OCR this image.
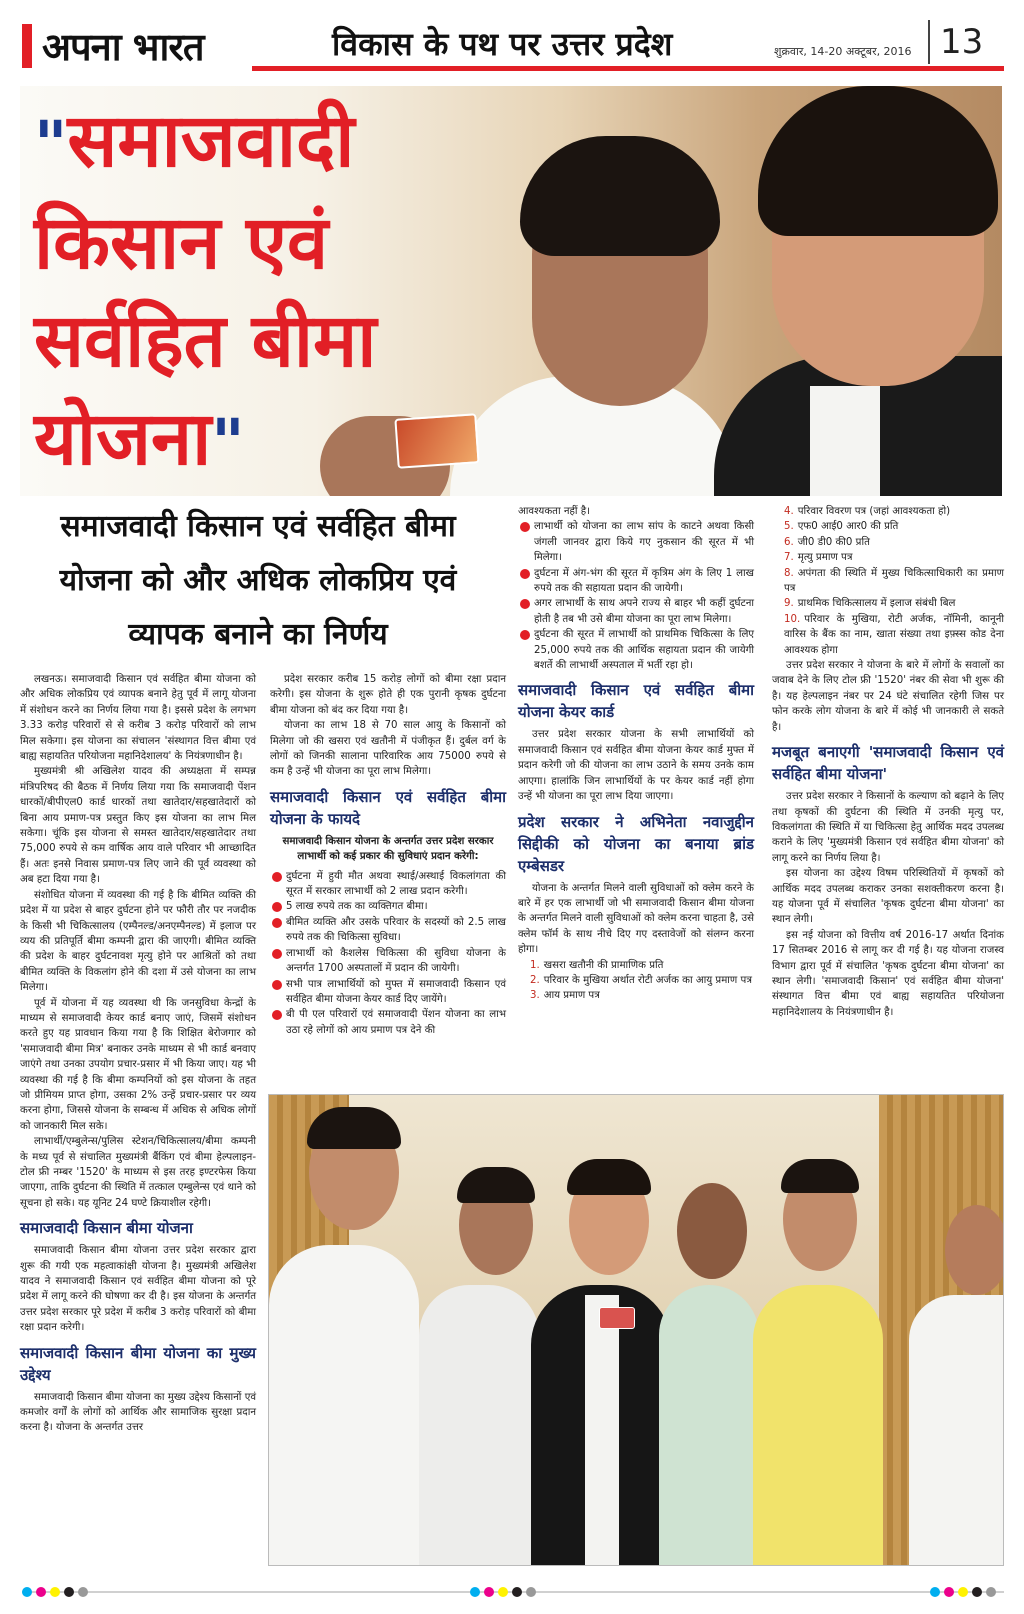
अपना भारत	विकास के पथ पर उत्तर प्रदेश	शुक्रवार, 14-20 अक्टूबर, 2016 13
"समाजवादी
किसान एवं
सर्वहित बीमा
योजना"
समाजवादी किसान एवं सर्वहित बीमा
योजना को और अधिक लोकप्रिय एवं
व्यापक बनाने का निर्णय

लखनऊ। समाजवादी किसान एवं सर्वहित बीमा योजना को और अधिक लोकप्रिय एवं व्यापक बनाने हेतु पूर्व में लागू योजना में संशोधन करने का निर्णय लिया गया है। इससे प्रदेश के लगभग 3.33 करोड़ परिवारों से से करीब 3 करोड़ परिवारों को लाभ मिल सकेगा। इस योजना का संचालन 'संस्थागत वित्त बीमा एवं बाह्य सहायतित परियोजना महानिदेशालय' के नियंत्रणाधीन है।

मुख्यमंत्री श्री अखिलेश यादव की अध्यक्षता में सम्पन्न मंत्रिपरिषद की बैठक में निर्णय लिया गया कि समाजवादी पेंशन धारकों/बीपीएल0 कार्ड धारकों तथा खातेदार/सहखातेदारों को बिना आय प्रमाण-पत्र प्रस्तुत किए इस योजना का लाभ मिल सकेगा। चूंकि इस योजना से समस्त खातेदार/सहखातेदार तथा 75,000 रुपये से कम वार्षिक आय वाले परिवार भी आच्छादित हैं। अतः इनसे निवास प्रमाण-पत्र लिए जाने की पूर्व व्यवस्था को अब हटा दिया गया है।

संशोधित योजना में व्यवस्था की गई है कि बीमित व्यक्ति की प्रदेश में या प्रदेश से बाहर दुर्घटना होने पर फौरी तौर पर नजदीक के किसी भी चिकित्सालय (एम्पैनल्ड/अनएम्पैनल्ड) में इलाज पर व्यय की प्रतिपूर्ति बीमा कम्पनी द्वारा की जाएगी। बीमित व्यक्ति की प्रदेश के बाहर दुर्घटनावश मृत्यु होने पर आश्रितों को तथा बीमित व्यक्ति के विकलांग होने की दशा में उसे योजना का लाभ मिलेगा।

पूर्व में योजना में यह व्यवस्था थी कि जनसुविधा केन्द्रों के माध्यम से समाजवादी केयर कार्ड बनाए जाएं, जिसमें संशोधन करते हुए यह प्रावधान किया गया है कि शिक्षित बेरोजगार को 'समाजवादी बीमा मित्र' बनाकर उनके माध्यम से भी कार्ड बनवाए जाएंगे तथा उनका उपयोग प्रचार-प्रसार में भी किया जाए। यह भी व्यवस्था की गई है कि बीमा कम्पनियों को इस योजना के तहत जो प्रीमियम प्राप्त होगा, उसका 2% उन्हें प्रचार-प्रसार पर व्यय करना होगा, जिससे योजना के सम्बन्ध में अधिक से अधिक लोगों को जानकारी मिल सके।

लाभार्थी/एम्बुलेन्स/पुलिस स्टेशन/चिकित्सालय/बीमा कम्पनी के मध्य पूर्व से संचालित मुख्यमंत्री बैंकिंग एवं बीमा हेल्पलाइन- टोल फ्री नम्बर '1520' के माध्यम से इस तरह इण्टरफेस किया जाएगा, ताकि दुर्घटना की स्थिति में तत्काल एम्बुलेन्स एवं थाने को सूचना हो सके। यह यूनिट 24 घण्टे क्रियाशील रहेगी।

समाजवादी किसान बीमा योजना

समाजवादी किसान बीमा योजना उत्तर प्रदेश सरकार द्वारा शुरू की गयी एक महत्वाकांक्षी योजना है। मुख्यमंत्री अखिलेश यादव ने समाजवादी किसान एवं सर्वहित बीमा योजना को पूरे प्रदेश में लागू करने की घोषणा कर दी है। इस योजना के अन्तर्गत उत्तर प्रदेश सरकार पूरे प्रदेश में करीब 3 करोड़ परिवारों को बीमा रक्षा प्रदान करेगी।

समाजवादी किसान बीमा योजना का मुख्य उद्देश्य

समाजवादी किसान बीमा योजना का मुख्य उद्देश्य किसानों एवं कमजोर वर्गों के लोगों को आर्थिक और सामाजिक सुरक्षा प्रदान करना है। योजना के अन्तर्गत उत्तर

प्रदेश सरकार करीब 15 करोड़ लोगों को बीमा रक्षा प्रदान करेगी। इस योजना के शुरू होते ही एक पुरानी कृषक दुर्घटना बीमा योजना को बंद कर दिया गया है।

योजना का लाभ 18 से 70 साल आयु के किसानों को मिलेगा जो की खसरा एवं खतौनी में पंजीकृत हैं। दुर्बल वर्ग के लोगों को जिनकी सालाना पारिवारिक आय 75000 रुपये से कम है उन्हें भी योजना का पूरा लाभ मिलेगा।

समाजवादी किसान एवं सर्वहित बीमा योजना के फायदे
समाजवादी किसान योजना के अन्तर्गत उत्तर प्रदेश सरकार लाभार्थी को कई प्रकार की सुविधाएं प्रदान करेगी:
दुर्घटना में हुयी मौत अथवा स्थाई/अस्थाई विकलांगता की सूरत में सरकार लाभार्थी को 2 लाख प्रदान करेगी।
5 लाख रुपये तक का व्यक्तिगत बीमा।
बीमित व्यक्ति और उसके परिवार के सदस्यों को 2.5 लाख रुपये तक की चिकित्सा सुविधा।
लाभार्थी को कैशलेस चिकित्सा की सुविधा योजना के अन्तर्गत 1700 अस्पतालों में प्रदान की जायेगी।
सभी पात्र लाभार्थियों को मुफ्त में समाजवादी किसान एवं सर्वहित बीमा योजना केयर कार्ड दिए जायेंगे।
बी पी एल परिवारों एवं समाजवादी पेंशन योजना का लाभ उठा रहे लोगों को आय प्रमाण पत्र देने की
आवश्यकता नहीं है।
लाभार्थी को योजना का लाभ सांप के काटने अथवा किसी जंगली जानवर द्वारा किये गए नुकसान की सूरत में भी मिलेगा।
दुर्घटना में अंग-भंग की सूरत में कृत्रिम अंग के लिए 1 लाख रुपये तक की सहायता प्रदान की जायेगी।
अगर लाभार्थी के साथ अपने राज्य से बाहर भी कहीं दुर्घटना होती है तब भी उसे बीमा योजना का पूरा लाभ मिलेगा।
दुर्घटना की सूरत में लाभार्थी को प्राथमिक चिकित्सा के लिए 25,000 रुपये तक की आर्थिक सहायता प्रदान की जायेगी बशर्ते की लाभार्थी अस्पताल में भर्ती रहा हो।
समाजवादी किसान एवं सर्वहित बीमा योजना केयर कार्ड

उत्तर प्रदेश सरकार योजना के सभी लाभार्थियों को समाजवादी किसान एवं सर्वहित बीमा योजना केयर कार्ड मुफ्त में प्रदान करेगी जो की योजना का लाभ उठाने के समय उनके काम आएगा। हालांकि जिन लाभार्थियों के पर केयर कार्ड नहीं होगा उन्हें भी योजना का पूरा लाभ दिया जाएगा।

प्रदेश सरकार ने अभिनेता नवाजुद्दीन सिद्दीकी को योजना का बनाया ब्रांड एम्बेसडर

योजना के अन्तर्गत मिलने वाली सुविधाओं को क्लेम करने के बारे में हर एक लाभार्थी जो भी समाजवादी किसान बीमा योजना के अन्तर्गत मिलने वाली सुविधाओं को क्लेम करना चाहता है, उसे क्लेम फॉर्म के साथ नीचे दिए गए दस्तावेजों को संलग्न करना होगा।

1. खसरा खतौनी की प्रामाणिक प्रति
2. परिवार के मुखिया अर्थात रोटी अर्जक का आयु प्रमाण पत्र
3. आय प्रमाण पत्र
4. परिवार विवरण पत्र (जहां आवश्यकता हो)
5. एफ0 आई0 आर0 की प्रति
6. जी0 डी0 की0 प्रति
7. मृत्यु प्रमाण पत्र
8. अपंगता की स्थिति में मुख्य चिकित्साधिकारी का प्रमाण पत्र
9. प्राथमिक चिकित्सालय में इलाज संबंधी बिल
10. परिवार के मुखिया, रोटी अर्जक, नॉमिनी, कानूनी वारिस के बैंक का नाम, खाता संख्या तथा इफ़्स्स कोड देना आवश्यक होगा

उत्तर प्रदेश सरकार ने योजना के बारे में लोगों के सवालों का जवाब देने के लिए टोल फ्री '1520' नंबर की सेवा भी शुरू की है। यह हेल्पलाइन नंबर पर 24 घंटे संचालित रहेगी जिस पर फोन करके लोग योजना के बारे में कोई भी जानकारी ले सकते है।

मजबूत बनाएगी 'समाजवादी किसान एवं सर्वहित बीमा योजना'

उत्तर प्रदेश सरकार ने किसानों के कल्याण को बढ़ाने के लिए तथा कृषकों की दुर्घटना की स्थिति में उनकी मृत्यु पर, विकलांगता की स्थिति में या चिकित्सा हेतु आर्थिक मदद उपलब्ध कराने के लिए 'मुख्यमंत्री किसान एवं सर्वहित बीमा योजना' को लागू करने का निर्णय लिया है।

इस योजना का उद्देश्य विषम परिस्थितियों में कृषकों को आर्थिक मदद उपलब्ध कराकर उनका सशक्तीकरण करना है। यह योजना पूर्व में संचालित 'कृषक दुर्घटना बीमा योजना' का स्थान लेगी।

इस नई योजना को वित्तीय वर्ष 2016-17 अर्थात दिनांक 17 सितम्बर 2016 से लागू कर दी गई है। यह योजना राजस्व विभाग द्वारा पूर्व में संचालित 'कृषक दुर्घटना बीमा योजना' का स्थान लेगी। 'समाजवादी किसान' एवं सर्वहित बीमा योजना' संस्थागत वित्त बीमा एवं बाह्य सहायतित परियोजना महानिदेशालय के नियंत्रणाधीन है।
